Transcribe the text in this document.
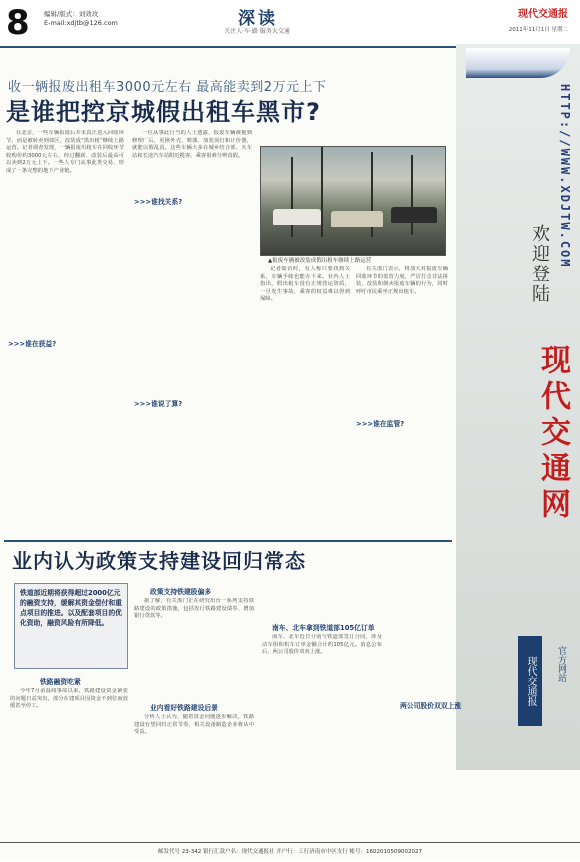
8 编辑/版式：刘效玫
E-mail:xdjtb@126.com	深读
关注人·车·路 服务大交通
现代交通报
2011年11月1日 星期二
收一辆报废出租车3000元左右 最高能卖到2万元上下
是谁把控京城假出租车黑市?

在北京，一些车辆报废后并未真正进入回收环节，而是被转卖到郊区，改装成“黑出租”继续上路运营。记者调查发现，一辆报废出租车在回收环节收购价约3000元左右，经过翻新、改装后最高可以卖到2万元上下。一些人专门从事此类交易，形成了一条完整的地下产业链。

>>>谁在获益?

一位从事此行当的人士透露，报废车辆被拖到修理厂后，更换外壳、喷漆、加装顶灯和计价器，就能以假乱真。这些车辆大多在城乡结合部、火车站和长途汽车站附近揽客，乘客很难分辨真假。

>>>谁找关系?
>>>谁说了算?
▲报废车辆被改装成假出租车继续上路运营

记者暗访时，有人称只要找到关系，车辆手续也能办下来。业内人士指出，假出租车没有正规营运资质，一旦发生事故，乘客的权益难以得到保障。

>>>谁在监管?

有关部门表示，将加大对报废车辆回收环节的监管力度，严厉打击非法拼装、改装和倒卖报废车辆的行为，同时呼吁市民乘坐正规出租车。

HTTP://WWW.XDJTW.COM
欢迎登陆
现代交通网
现代交通报	官方网站
业内认为政策支持建设回归常态
铁道部近期将获得超过2000亿元的融资支持，缓解其资金偿付和重点项目的推进。以及配套项目的优化资助，融资风险有所降低。
铁路融资吃紧

今年7月甬温线事故以来，铁路建设资金紧张的问题日益突出，部分在建项目因资金不到位而放缓甚至停工。

政策支持铁建股偏多

据了解，有关部门正在研究出台一系列支持铁路建设的政策措施，包括发行铁路建设债券、增加银行贷款等。

业内看好铁路建设后景

分析人士认为，随着资金问题逐步解决，铁路建设有望回归正常节奏，相关设备制造企业将从中受益。

南车、北车拿到铁道部105亿订单

南车、北车近日分别与铁道部签订合同，涉及动车组和机车订单金额合计约105亿元。消息公布后，两公司股价双双上涨。

两公司股价双双上涨
邮发代号 23-342 银行汇款户名：现代交通报社 开户行：工行济南市中区支行 帐号：1602010509002027
